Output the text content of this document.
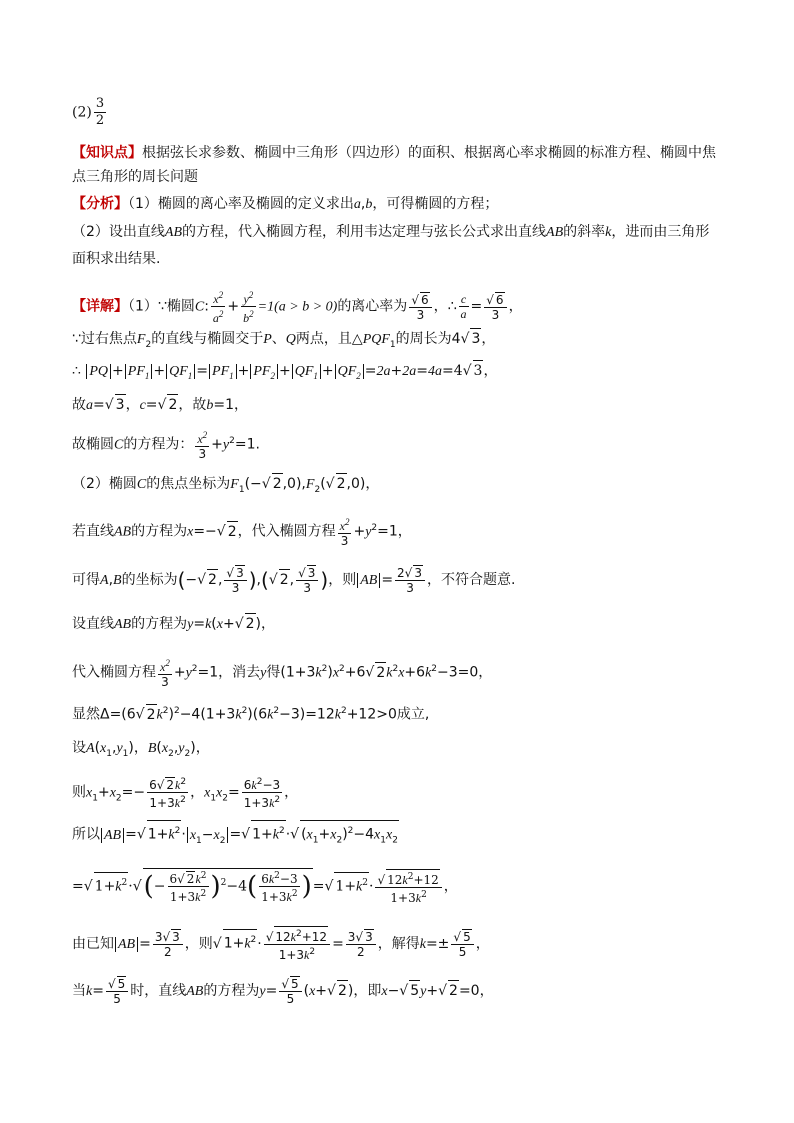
$(2) \frac{3}{2}$
【知识点】根据弦长求参数、椭圆中三角形（四边形）的面积、根据离心率求椭圆的标准方程、椭圆中焦
点三角形的周长问题
【分析】（1）椭圆的离心率及椭圆的定义求出a,b，可得椭圆的方程；
（2）设出直线AB的方程，代入椭圆方程，利用韦达定理与弦长公式求出直线AB的斜率k，进而由三角形
面积求出结果.
【详解】（1）∵椭圆C: $\frac{x^2}{a^2} + \frac{y^2}{b^2} =1(a > b > 0)$的离心率为 $\frac{√ 6}{3}$ ，∴ $\frac{c}{a} = \frac{√ 6}{3}$ ，
∵过右焦点$F_2$的直线与椭圆交于P、Q两点，且$\triangle PQF_1$的周长为4√ 3，
∴ PQ + $PF_1 + QF_1 = PF_1 + PF_2 + QF_1 + QF_2 =2a+2a=4a=4√$ 3，
故a=√ 3，c=√ 2，故b=1，
故椭圆C的方程为： $\frac{x^2}{3} +y^2=1$.
（2）椭圆C的焦点坐标为$F_1(-√$ $2,0),F_2(√$ 2,0)，
若直线AB的方程为x=−√ 2，代入椭圆方程 $\frac{x^2}{3} +y^2=1$，
可得A,B的坐标为(−√ 2, $\frac{√ 3}{3}$ ),(√ 2, $\frac{√ 3}{3}$ )，则 AB = $\frac{2√ 3}{3}$ ，不符合题意.
设直线AB的方程为y=k(x+√ 2)，
代入椭圆方程 $\frac{x^2}{3} +y^2=1$，消去y得$(1+3k^2)x^2+6√$ $2k^2x+6k^2-3=0$，
显然Δ=(6√ $2k^2)^2-4(1+3k^2)(6k^2-3)=12k^2+12>0$成立,
设$A(x_1,y_1)$，$B(x_2,y_2)$，
则$x_1+x_2=- \frac{6√ 2k^2}{1+3k^2}$ ，$x_1x_2= \frac{6k^2-3}{1+3k^2}$ ，
所以 AB =√ $1+k^2\cdot x_1-x_2$ =√ $1+k^2\cdot√$ $(x_1+x_2)^2-4x_1x_2$
=√ $1+k^2\cdot√(- \frac{6√ 2k^2}{1+3k^2} )^2-4( \frac{6k^2-3}{1+3k^2}$ )=√ $1+k^2\cdot \frac{√ 12k^2+12}{1+3k^2}$ ，
由已知 AB = $\frac{3√ 3}{2}$ ，则√ $1+k^2\cdot \frac{√ 12k^2+12}{1+3k^2} = \frac{3√ 3}{2}$ ，解得$k=\pm \frac{√ 5}{5}$ ，
当$k= \frac{√ 5}{5}$ 时，直线AB的方程为$y= \frac{√ 5}{5} (x+√$ 2)，即x−√ 5y+√ 2=0，
